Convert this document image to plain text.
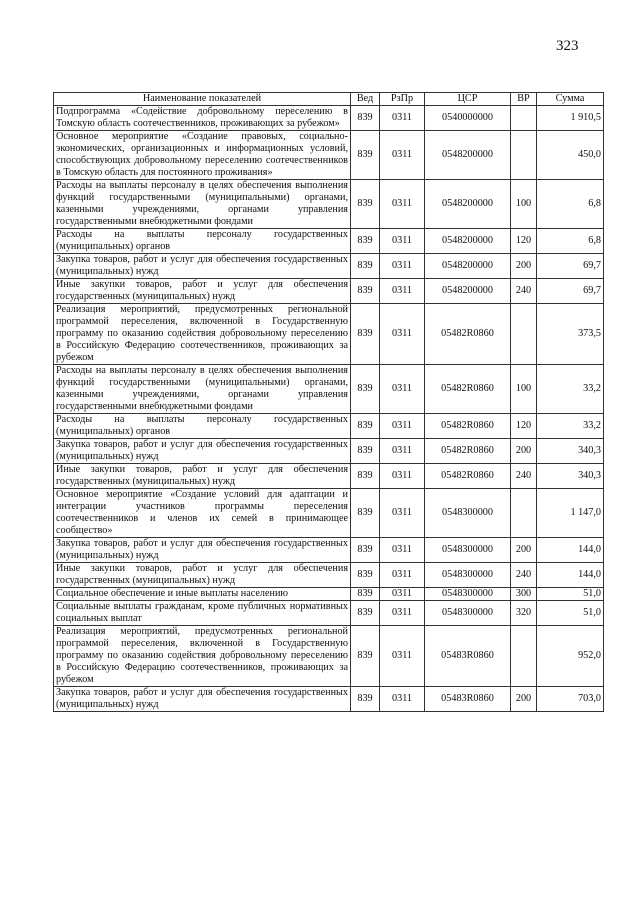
323
Наименование показателей	Вед	РзПр	ЦСР	ВР	Сумма
Подпрограмма «Содействие добровольному переселению в Томскую область соотечественников, проживающих за рубежом»	839	0311	0540000000		1 910,5
Основное мероприятие «Создание правовых, социально-экономических, организационных и информационных условий, способствующих добровольному переселению соотечественников в Томскую область для постоянного проживания»	839	0311	0548200000		450,0
Расходы на выплаты персоналу в целях обеспечения выполнения функций государственными (муниципальными) органами, казенными учреждениями, органами управления государственными внебюджетными фондами	839	0311	0548200000	100	6,8
Расходы на выплаты персоналу государственных (муниципальных) органов	839	0311	0548200000	120	6,8
Закупка товаров, работ и услуг для обеспечения государственных (муниципальных) нужд	839	0311	0548200000	200	69,7
Иные закупки товаров, работ и услуг для обеспечения государственных (муниципальных) нужд	839	0311	0548200000	240	69,7
Реализация мероприятий, предусмотренных региональной программой переселения, включенной в Государственную программу по оказанию содействия добровольному переселению в Российскую Федерацию соотечественников, проживающих за рубежом	839	0311	05482R0860		373,5
Расходы на выплаты персоналу в целях обеспечения выполнения функций государственными (муниципальными) органами, казенными учреждениями, органами управления государственными внебюджетными фондами	839	0311	05482R0860	100	33,2
Расходы на выплаты персоналу государственных (муниципальных) органов	839	0311	05482R0860	120	33,2
Закупка товаров, работ и услуг для обеспечения государственных (муниципальных) нужд	839	0311	05482R0860	200	340,3
Иные закупки товаров, работ и услуг для обеспечения государственных (муниципальных) нужд	839	0311	05482R0860	240	340,3
Основное мероприятие «Создание условий для адаптации и интеграции участников программы переселения соотечественников и членов их семей в принимающее сообщество»	839	0311	0548300000		1 147,0
Закупка товаров, работ и услуг для обеспечения государственных (муниципальных) нужд	839	0311	0548300000	200	144,0
Иные закупки товаров, работ и услуг для обеспечения государственных (муниципальных) нужд	839	0311	0548300000	240	144,0
Социальное обеспечение и иные выплаты населению	839	0311	0548300000	300	51,0
Социальные выплаты гражданам, кроме публичных нормативных социальных выплат	839	0311	0548300000	320	51,0
Реализация мероприятий, предусмотренных региональной программой переселения, включенной в Государственную программу по оказанию содействия добровольному переселению в Российскую Федерацию соотечественников, проживающих за рубежом	839	0311	05483R0860		952,0
Закупка товаров, работ и услуг для обеспечения государственных (муниципальных) нужд	839	0311	05483R0860	200	703,0
